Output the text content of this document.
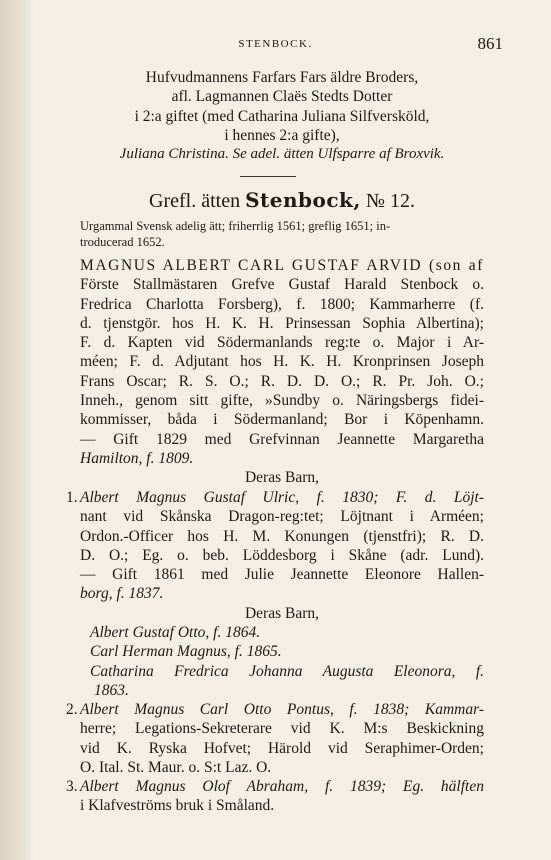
STENBOCK.	861
Hufvudmannens Farfars Fars äldre Broders,
afl. Lagmannen Claës Stedts Dotter
i 2:a giftet (med Catharina Juliana Silfversköld,
i hennes 2:a gifte),
Juliana Christina. Se adel. ätten Ulfsparre af Broxvik.
Grefl. ätten Stenbock, № 12.
Urgammal Svensk adelig ätt; friherrlig 1561; greflig 1651; in-
troducerad 1652.
MAGNUS ALBERT CARL GUSTAF ARVID (son af
Förste Stallmästaren Grefve Gustaf Harald Stenbock o.
Fredrica Charlotta Forsberg), f. 1800; Kammarherre (f.
d. tjenstgör. hos H. K. H. Prinsessan Sophia Albertina);
F. d. Kapten vid Södermanlands reg:te o. Major i Ar-
méen; F. d. Adjutant hos H. K. H. Kronprinsen Joseph
Frans Oscar; R. S. O.; R. D. D. O.; R. Pr. Joh. O.;
Inneh., genom sitt gifte, »Sundby o. Näringsbergs fidei-
kommisser, båda i Södermanland; Bor i Köpenhamn.
— Gift 1829 med Grefvinnan Jeannette Margaretha
Hamilton, f. 1809.
Deras Barn,
1. Albert Magnus Gustaf Ulric, f. 1830; F. d. Löjt-
nant vid Skånska Dragon-reg:tet; Löjtnant i Arméen;
Ordon.-Officer hos H. M. Konungen (tjenstfri); R. D.
D. O.; Eg. o. beb. Löddesborg i Skåne (adr. Lund).
— Gift 1861 med Julie Jeannette Eleonore Hallen-
borg, f. 1837.
Deras Barn,
Albert Gustaf Otto, f. 1864.
Carl Herman Magnus, f. 1865.
Catharina Fredrica Johanna Augusta Eleonora, f.
1863.
2. Albert Magnus Carl Otto Pontus, f. 1838; Kammar-
herre; Legations-Sekreterare vid K. M:s Beskickning
vid K. Ryska Hofvet; Härold vid Seraphimer-Orden;
O. Ital. St. Maur. o. S:t Laz. O.
3. Albert Magnus Olof Abraham, f. 1839; Eg. hälften
i Klafveströms bruk i Småland.
